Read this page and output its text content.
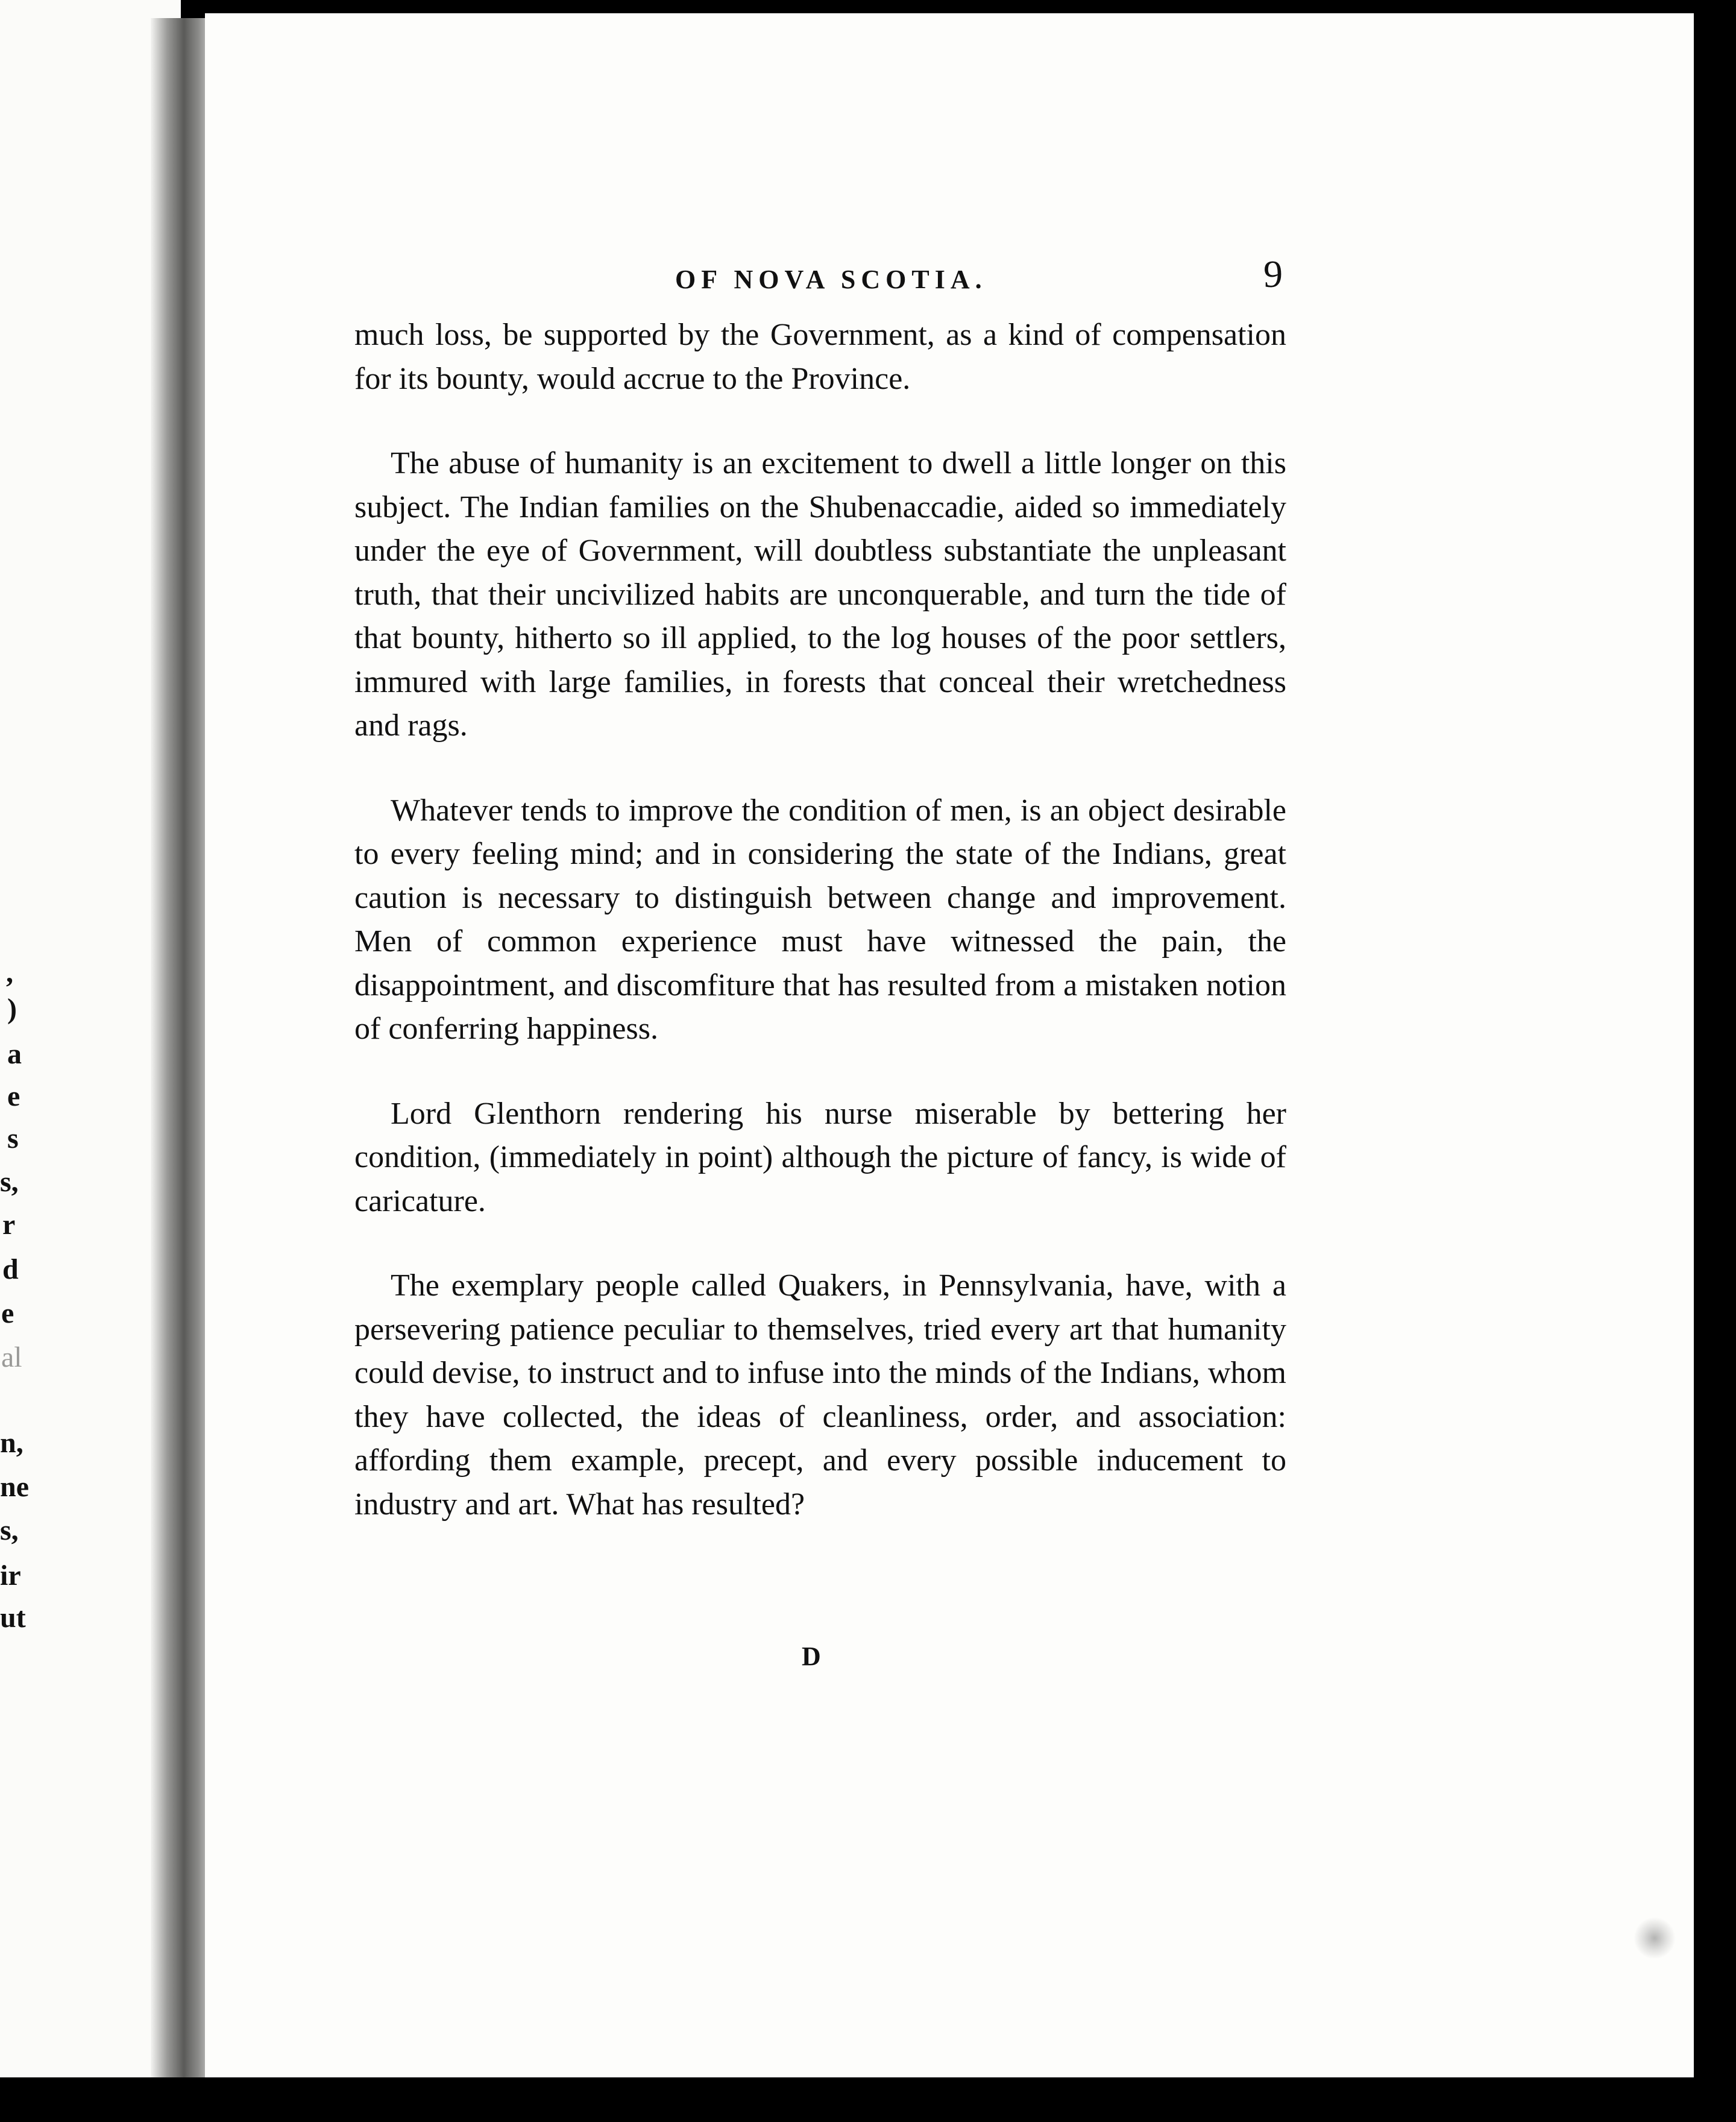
,
)
a
e
s
s,
r
d
e
al
n,
ne
s,
ir
ut
OF NOVA SCOTIA.	9

much loss, be supported by the Government, as a kind of compensation for its bounty, would accrue to the Province.

The abuse of humanity is an excitement to dwell a little longer on this subject. The Indian families on the Shubenaccadie, aided so immediately under the eye of Government, will doubtless substantiate the unpleasant truth, that their uncivilized habits are unconquerable, and turn the tide of that bounty, hitherto so ill applied, to the log houses of the poor settlers, immured with large families, in forests that conceal their wretchedness and rags.

Whatever tends to improve the condition of men, is an object desirable to every feeling mind; and in considering the state of the Indians, great caution is necessary to distinguish between change and improvement. Men of common experience must have witnessed the pain, the disappointment, and discomfiture that has resulted from a mistaken notion of conferring happiness.

Lord Glenthorn rendering his nurse miserable by bettering her condition, (immediately in point) although the picture of fancy, is wide of caricature.

The exemplary people called Quakers, in Pennsylvania, have, with a persevering patience peculiar to themselves, tried every art that humanity could devise, to instruct and to infuse into the minds of the Indians, whom they have collected, the ideas of cleanliness, order, and association: affording them example, precept, and every possible inducement to industry and art. What has resulted?

D
